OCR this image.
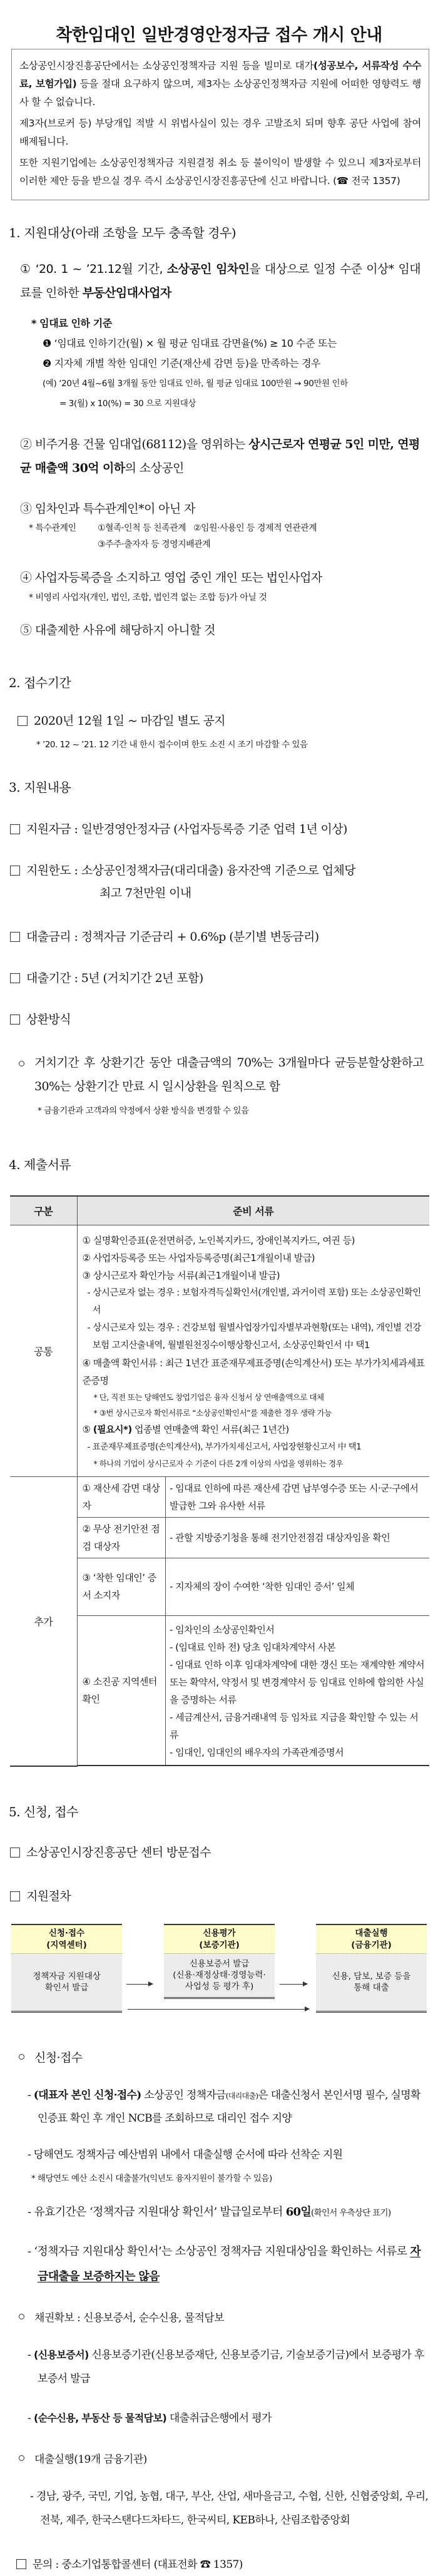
착한임대인 일반경영안정자금 접수 개시 안내

소상공인시장진흥공단에서는 소상공인정책자금 지원 등을 빌미로 대가(성공보수, 서류작성 수수료, 보험가입) 등을 절대 요구하지 않으며, 제3자는 소상공인정책자금 지원에 어떠한 영향력도 행사 할 수 없습니다.

제3자(브로커 등) 부당개입 적발 시 위법사실이 있는 경우 고발조치 되며 향후 공단 사업에 참여 배제됩니다.

또한 지원기업에는 소상공인정책자금 지원결정 취소 등 불이익이 발생할 수 있으니 제3자로부터 이러한 제안 등을 받으실 경우 즉시 소상공인시장진흥공단에 신고 바랍니다. (☎ 전국 1357)

1. 지원대상(아래 조항을 모두 충족할 경우)
① ‘20. 1 ~ ’21.12월 기간, 소상공인 임차인을 대상으로 일정 수준 이상* 임대료를 인하한 부동산임대사업자
* 임대료 인하 기준
❶ ‘임대료 인하기간(월) × 월 평균 임대료 감면율(%) ≥ 10 수준 또는
❷ 지자체 개별 착한 임대인 기준(재산세 감면 등)을 만족하는 경우
(예) ‘20년 4월~6월 3개월 동안 임대료 인하, 월 평균 임대료 100만원 → 90만원 인하
= 3(월) x 10(%) = 30 으로 지원대상
② 비주거용 건물 임대업(68112)을 영위하는 상시근로자 연평균 5인 미만, 연평균 매출액 30억 이하의 소상공인
③ 임차인과 특수관계인*이 아닌 자
* 특수관계인	①혈족·인척 등 친족관계 ②임원·사용인 등 경제적 연관관계
③주주·출자자 등 경영지배관계
④ 사업자등록증을 소지하고 영업 중인 개인 또는 법인사업자
* 비영리 사업자(개인, 법인, 조합, 법인격 없는 조합 등)가 아닐 것
⑤ 대출제한 사유에 해당하지 아니할 것
2. 접수기간
2020년 12월 1일 ~ 마감일 별도 공지
* ’20. 12 ~ ’21. 12 기간 내 한시 접수이며 한도 소진 시 조기 마감할 수 있음
3. 지원내용
지원자금 : 일반경영안정자금 (사업자등록증 기준 업력 1년 이상)
지원한도 : 소상공인정책자금(대리대출) 융자잔액 기준으로 업체당
최고 7천만원 이내
대출금리 : 정책자금 기준금리 + 0.6%p (분기별 변동금리)
대출기간 : 5년 (거치기간 2년 포함)
상환방식
거치기간 후 상환기간 동안 대출금액의 70%는 3개월마다 균등분할상환하고 30%는 상환기간 만료 시 일시상환을 원칙으로 함
* 금융기관과 고객과의 약정에서 상환 방식을 변경할 수 있음
4. 제출서류
구분	준비 서류
공통	
① 실명확인증표(운전면허증, 노인복지카드, 장애인복지카드, 여권 등)
② 사업자등록증 또는 사업자등록증명(최근1개월이내 발급)
③ 상시근로자 확인가능 서류(최근1개월이내 발급)
- 상시근로자 없는 경우 : 보험자격득실확인서(개인별, 과거이력 포함) 또는 소상공인확인서
- 상시근로자 있는 경우 : 건강보험 월별사업장가입자별부과현황(또는 내역), 개인별 건강보험 고지산출내역, 월별원천징수이행상황신고서, 소상공인확인서 中 택1
④ 매출액 확인서류 : 최근 1년간 표준재무제표증명(손익계산서) 또는 부가가치세과세표준증명
* 단, 직전 또는 당해연도 창업기업은 융자 신청서 상 연매출액으로 대체
* ③번 상시근로자 확인서류로 “소상공인확인서”를 제출한 경우 생략 가능
⑤ (필요시*) 업종별 연매출액 확인 서류(최근 1년간)
- 표준재무제표증명(손익계산서), 부가가치세신고서, 사업장현황신고서 中 택1
* 하나의 기업이 상시근로자 수 기준이 다른 2개 이상의 사업을 영위하는 경우

추가	
① 재산세 감면 대상자	- 임대료 인하에 따른 재산세 감면 납부영수증 또는 시·군·구에서 발급한 그와 유사한 서류
② 무상 전기안전 점검 대상자	- 관할 지방중기청을 통해 전기안전점검 대상자임을 확인
③ ‘착한 임대인’ 증서 소지자	- 지자체의 장이 수여한 ‘착한 임대인 증서’ 일체
④ 소진공 지역센터 확인	
- 임차인의 소상공인확인서
- (임대료 인하 전) 당초 임대차계약서 사본
- 임대료 인하 이후 임대차계약에 대한 갱신 또는 재계약한 계약서 또는 확약서, 약정서 및 변경계약서 등 임대료 인하에 합의한 사실을 증명하는 서류
- 세금계산서, 금융거래내역 등 임차료 지급을 확인할 수 있는 서류
- 임대인, 임대인의 배우자의 가족관계증명서
5. 신청, 접수
소상공인시장진흥공단 센터 방문접수
지원절차
신청·접수
(지역센터)
정책자금 지원대상
확인서 발급
신용평가
(보증기관)
신용보증서 발급
(신용·재정상태·경영능력·
사업성 등 평가 후)
대출실행
(금융기관)
신용, 담보, 보증 등을
통해 대출
신청·접수
- (대표자 본인 신청·접수) 소상공인 정책자금(대리대출)은 대출신청서 본인서명 필수, 실명확인증표 확인 후 개인 NCB를 조회하므로 대리인 접수 지양
- 당해연도 정책자금 예산범위 내에서 대출실행 순서에 따라 선착순 지원
* 해당연도 예산 소진시 대출불가(익년도 융자지원이 불가할 수 있음)
- 유효기간은 ‘정책자금 지원대상 확인서’ 발급일로부터 60일(확인서 우측상단 표기)
- ‘정책자금 지원대상 확인서’는 소상공인 정책자금 지원대상임을 확인하는 서류로 자금대출을 보증하지는 않음
채권확보 : 신용보증서, 순수신용, 물적담보
- (신용보증서) 신용보증기관(신용보증재단, 신용보증기금, 기술보증기금)에서 보증평가 후 보증서 발급
- (순수신용, 부동산 등 물적담보) 대출취급은행에서 평가
대출실행(19개 금융기관)
- 경남, 광주, 국민, 기업, 농협, 대구, 부산, 산업, 새마을금고, 수협, 신한, 신협중앙회, 우리, 전북, 제주, 한국스탠다드차타드, 한국씨티, KEB하나, 산림조합중앙회
문의 : 중소기업통합콜센터 (대표전화 ☎ 1357)
